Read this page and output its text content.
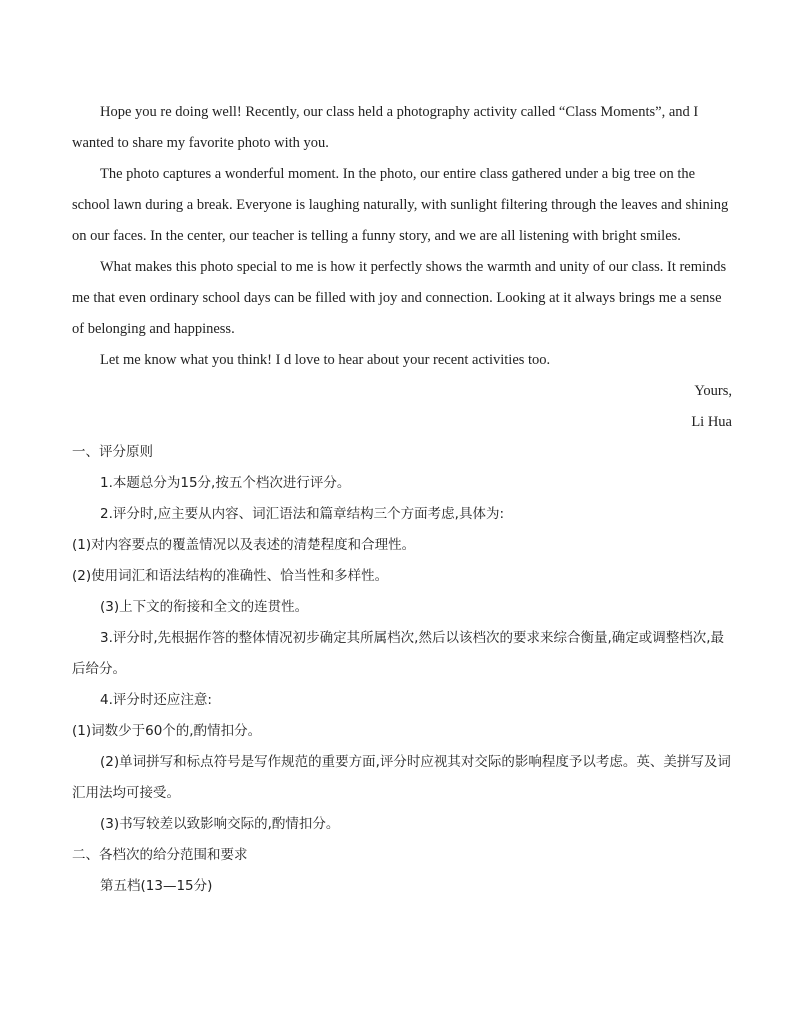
Hope you re doing well! Recently, our class held a photography activity called “Class Moments”, and I wanted to share my favorite photo with you.

The photo captures a wonderful moment. In the photo, our entire class gathered under a big tree on the school lawn during a break. Everyone is laughing naturally, with sunlight filtering through the leaves and shining on our faces. In the center, our teacher is telling a funny story, and we are all listening with bright smiles.

What makes this photo special to me is how it perfectly shows the warmth and unity of our class. It reminds me that even ordinary school days can be filled with joy and connection. Looking at it always brings me a sense of belonging and happiness.

Let me know what you think! I d love to hear about your recent activities too.

Yours,

Li Hua

一、评分原则

1.本题总分为15分,按五个档次进行评分。

2.评分时,应主要从内容、词汇语法和篇章结构三个方面考虑,具体为:

(1)对内容要点的覆盖情况以及表述的清楚程度和合理性。

(2)使用词汇和语法结构的准确性、恰当性和多样性。

(3)上下文的衔接和全文的连贯性。

3.评分时,先根据作答的整体情况初步确定其所属档次,然后以该档次的要求来综合衡量,确定或调整档次,最后给分。

4.评分时还应注意:

(1)词数少于60个的,酌情扣分。

(2)单词拼写和标点符号是写作规范的重要方面,评分时应视其对交际的影响程度予以考虑。英、美拼写及词汇用法均可接受。

(3)书写较差以致影响交际的,酌情扣分。

二、各档次的给分范围和要求

第五档(13—15分)
